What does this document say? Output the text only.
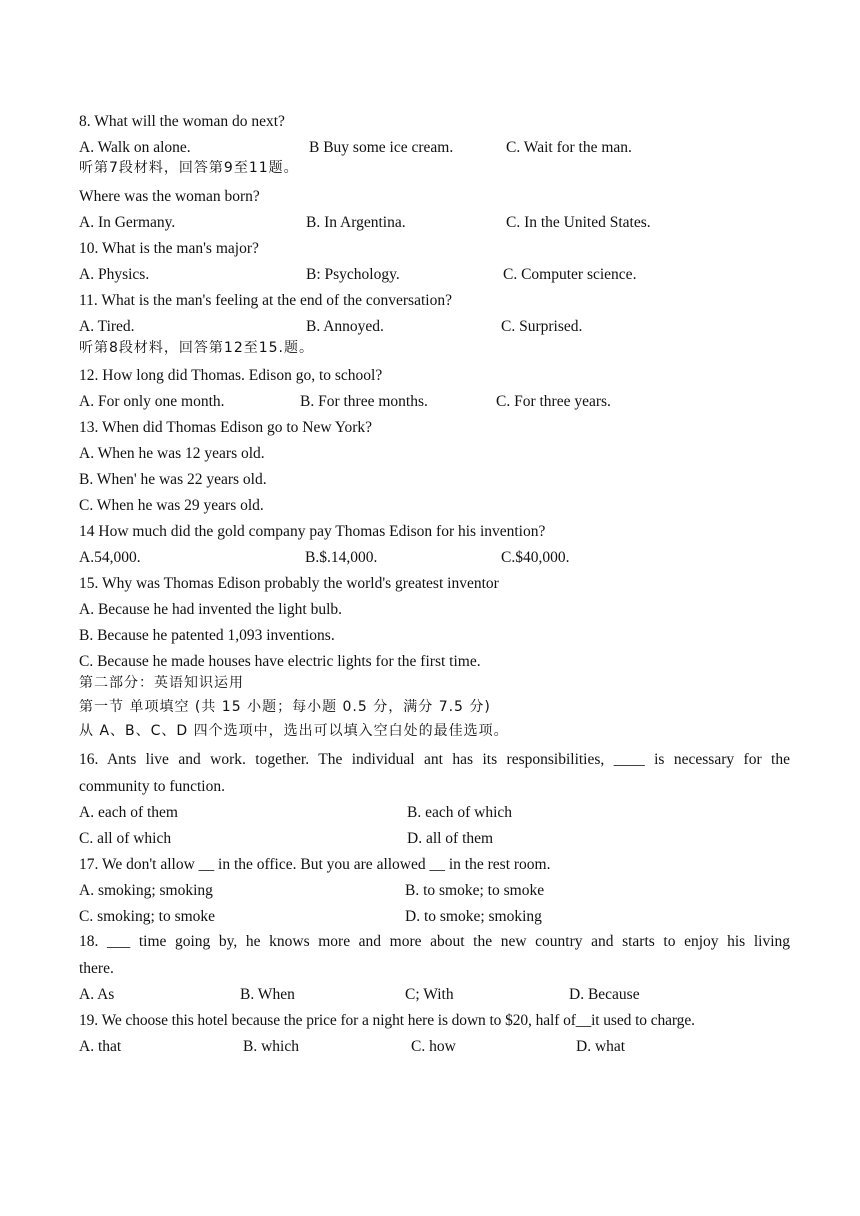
8. What will the woman do next?
A. Walk on alone.	B Buy some ice cream.	C. Wait for the man.
听第7段材料，回答第9至11题。
Where was the woman born?
A. In Germany.	B. In Argentina.	C. In the United States.
10. What is the man's major?
A. Physics.	B: Psychology.	C. Computer science.
11. What is the man's feeling at the end of the conversation?
A. Tired.	B. Annoyed.	C. Surprised.
听第8段材料，回答第12至15.题。
12. How long did Thomas. Edison go, to school?
A. For only one month.	B. For three months.	C. For three years.
13. When did Thomas Edison go to New York?
A. When he was 12 years old.
B. When' he was 22 years old.
C. When he was 29 years old.
14 How much did the gold company pay Thomas Edison for his invention?
A.54,000.	B.$.14,000.	C.$40,000.
15. Why was Thomas Edison probably the world's greatest inventor
A. Because he had invented the light bulb.
B. Because he patented 1,093 inventions.
C. Because he made houses have electric lights for the first time.
第二部分：英语知识运用
第一节 单项填空 (共 15 小题；每小题 0.5 分，满分 7.5 分)
从 A、B、C、D 四个选项中，选出可以填入空白处的最佳选项。
16. Ants live and work. together. The individual ant has its responsibilities, ____ is necessary for the
community to function.
A. each of them	B. each of which
C. all of which	D. all of them
17. We don't allow __ in the office. But you are allowed __ in the rest room.
A. smoking; smoking	B. to smoke; to smoke
C. smoking; to smoke	D. to smoke; smoking
18. ___ time going by, he knows more and more about the new country and starts to enjoy his living
there.
A. As	B. When	C; With	D. Because
19. We choose this hotel because the price for a night here is down to $20, half of__it used to charge.
A. that	B. which	C. how	D. what
